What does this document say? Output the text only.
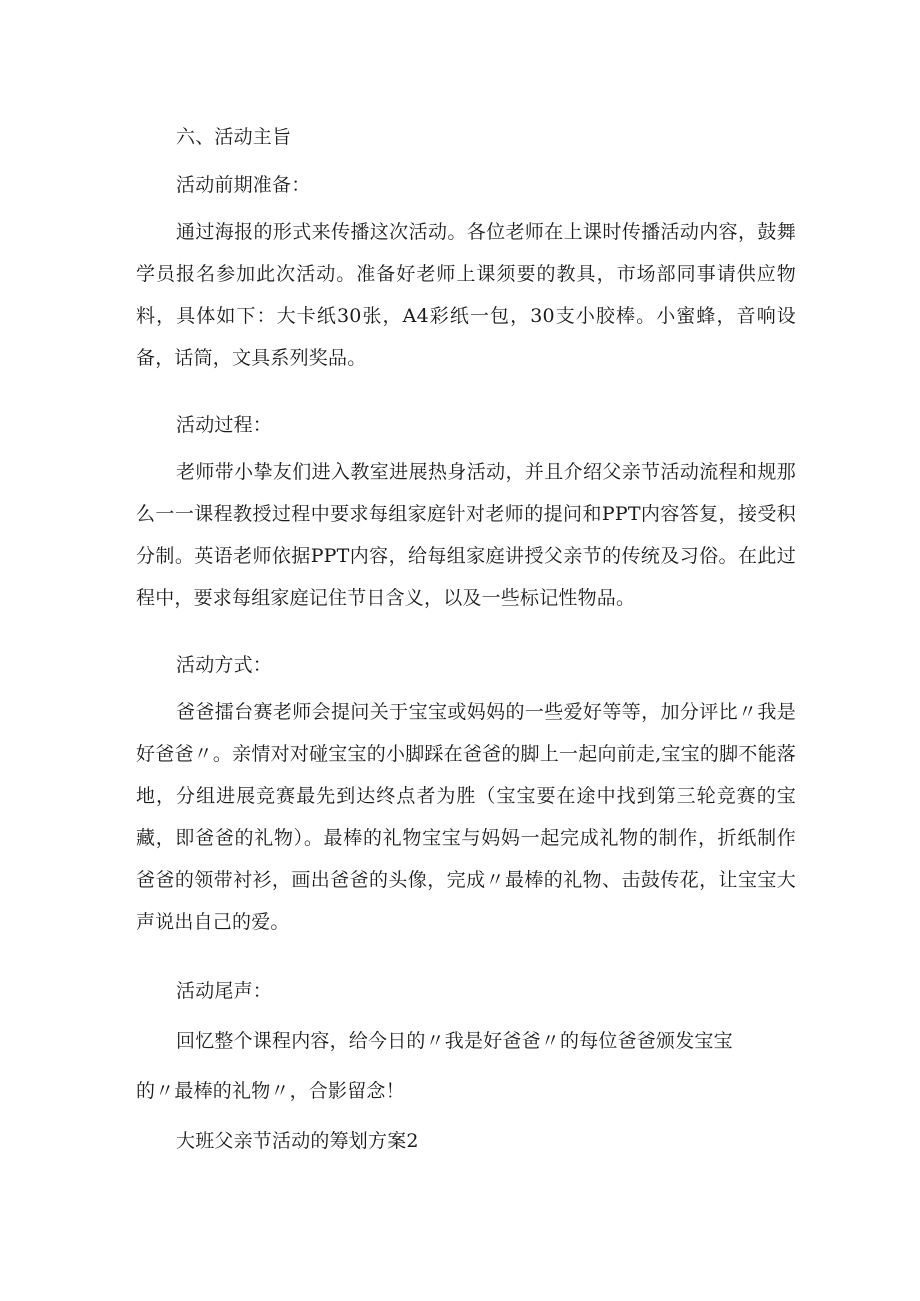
六、活动主旨
活动前期准备：

通过海报的形式来传播这次活动。各位老师在上课时传播活动内容，鼓舞学员报名参加此次活动。准备好老师上课须要的教具，市场部同事请供应物料，具体如下：大卡纸30张，A4彩纸一包，30支小胶棒。小蜜蜂，音响设备，话筒，文具系列奖品。

活动过程：

老师带小挚友们进入教室进展热身活动，并且介绍父亲节活动流程和规那么一一课程教授过程中要求每组家庭针对老师的提问和PPT内容答复，接受积分制。英语老师依据PPT内容，给每组家庭讲授父亲节的传统及习俗。在此过程中，要求每组家庭记住节日含义，以及一些标记性物品。

活动方式：

爸爸擂台赛老师会提问关于宝宝或妈妈的一些爱好等等，加分评比〃我是好爸爸〃。亲情对对碰宝宝的小脚踩在爸爸的脚上一起向前走,宝宝的脚不能落地，分组进展竞赛最先到达终点者为胜（宝宝要在途中找到第三轮竞赛的宝藏，即爸爸的礼物）。最棒的礼物宝宝与妈妈一起完成礼物的制作，折纸制作爸爸的领带衬衫，画出爸爸的头像，完成〃最棒的礼物、击鼓传花，让宝宝大声说出自己的爱。

活动尾声：
回忆整个课程内容，给今日的〃我是好爸爸〃的每位爸爸颁发宝宝
的〃最棒的礼物〃，合影留念！
大班父亲节活动的筹划方案2
